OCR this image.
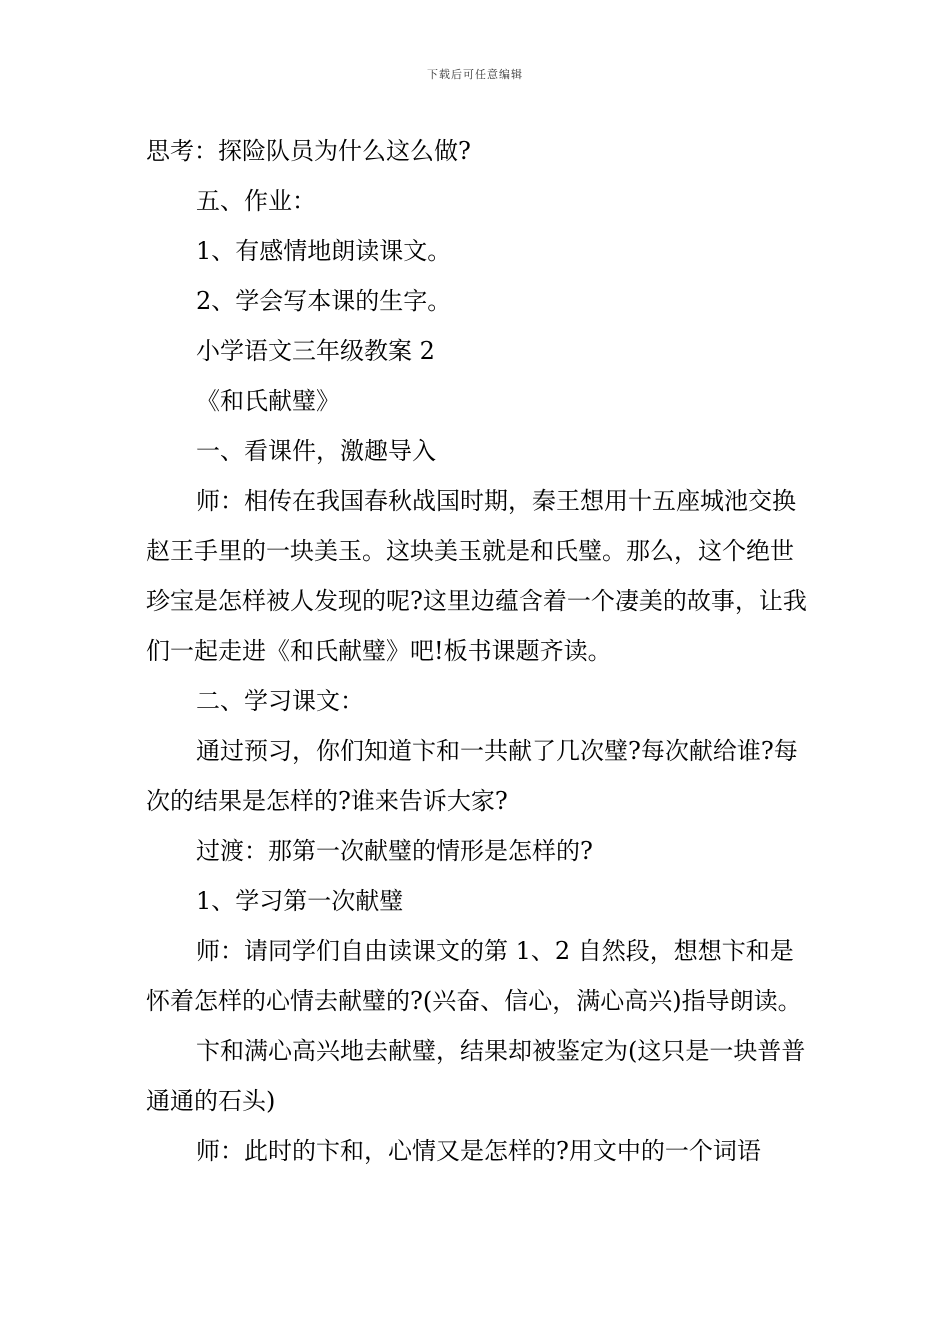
下载后可任意编辑

思考：探险队员为什么这么做?

五、作业：

1、有感情地朗读课文。

2、学会写本课的生字。

小学语文三年级教案 2

《和氏献璧》

一、看课件，激趣导入

师：相传在我国春秋战国时期，秦王想用十五座城池交换赵王手里的一块美玉。这块美玉就是和氏璧。那么，这个绝世珍宝是怎样被人发现的呢?这里边蕴含着一个凄美的故事，让我们一起走进《和氏献璧》吧!板书课题齐读。

二、学习课文：

通过预习，你们知道卞和一共献了几次璧?每次献给谁?每次的结果是怎样的?谁来告诉大家?

过渡：那第一次献璧的情形是怎样的?

1、学习第一次献璧

师：请同学们自由读课文的第 1、2 自然段，想想卞和是怀着怎样的心情去献璧的?(兴奋、信心，满心高兴)指导朗读。

卞和满心高兴地去献璧，结果却被鉴定为(这只是一块普普通通的石头)

师：此时的卞和，心情又是怎样的?用文中的一个词语
